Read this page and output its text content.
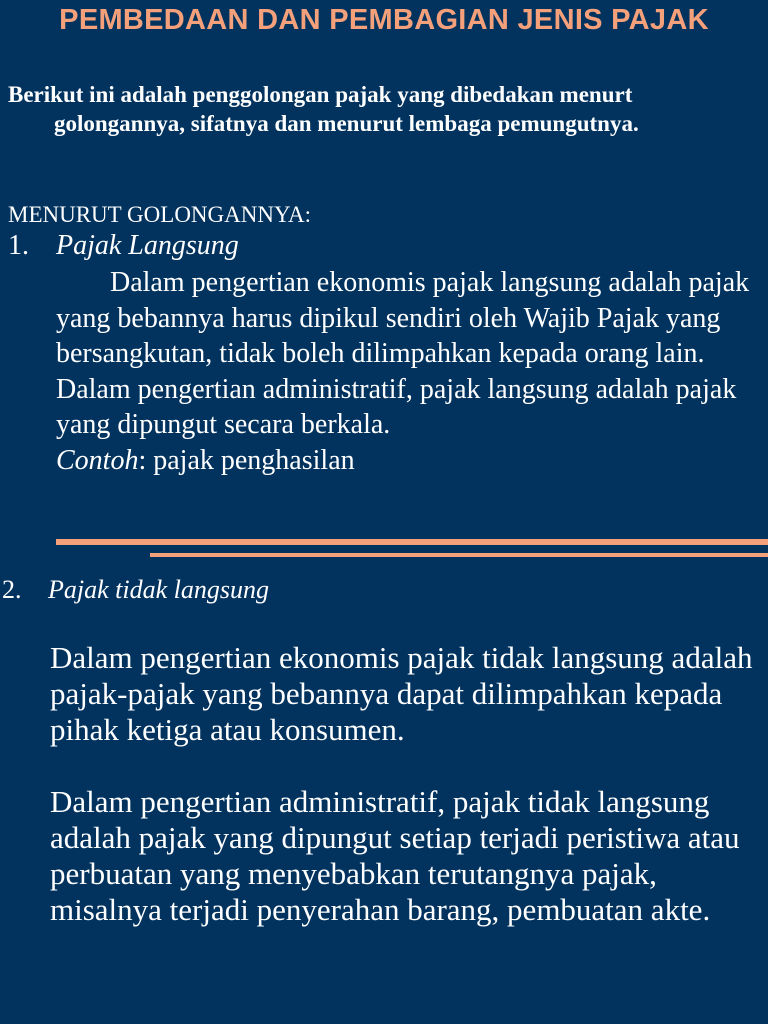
PEMBEDAAN DAN PEMBAGIAN JENIS PAJAK
Berikut ini adalah penggolongan pajak yang dibedakan menurt golongannya, sifatnya dan menurut lembaga pemungutnya.
MENURUT GOLONGANNYA:
1. Pajak Langsung

Dalam pengertian ekonomis pajak langsung adalah pajak yang bebannya harus dipikul sendiri oleh Wajib Pajak yang bersangkutan, tidak boleh dilimpahkan kepada orang lain. Dalam pengertian administratif, pajak langsung adalah pajak yang dipungut secara berkala.

Contoh: pajak penghasilan

2. Pajak tidak langsung

Dalam pengertian ekonomis pajak tidak langsung adalah pajak-pajak yang bebannya dapat dilimpahkan kepada pihak ketiga atau konsumen.

Dalam pengertian administratif, pajak tidak langsung adalah pajak yang dipungut setiap terjadi peristiwa atau perbuatan yang menyebabkan terutangnya pajak, misalnya terjadi penyerahan barang, pembuatan akte.
